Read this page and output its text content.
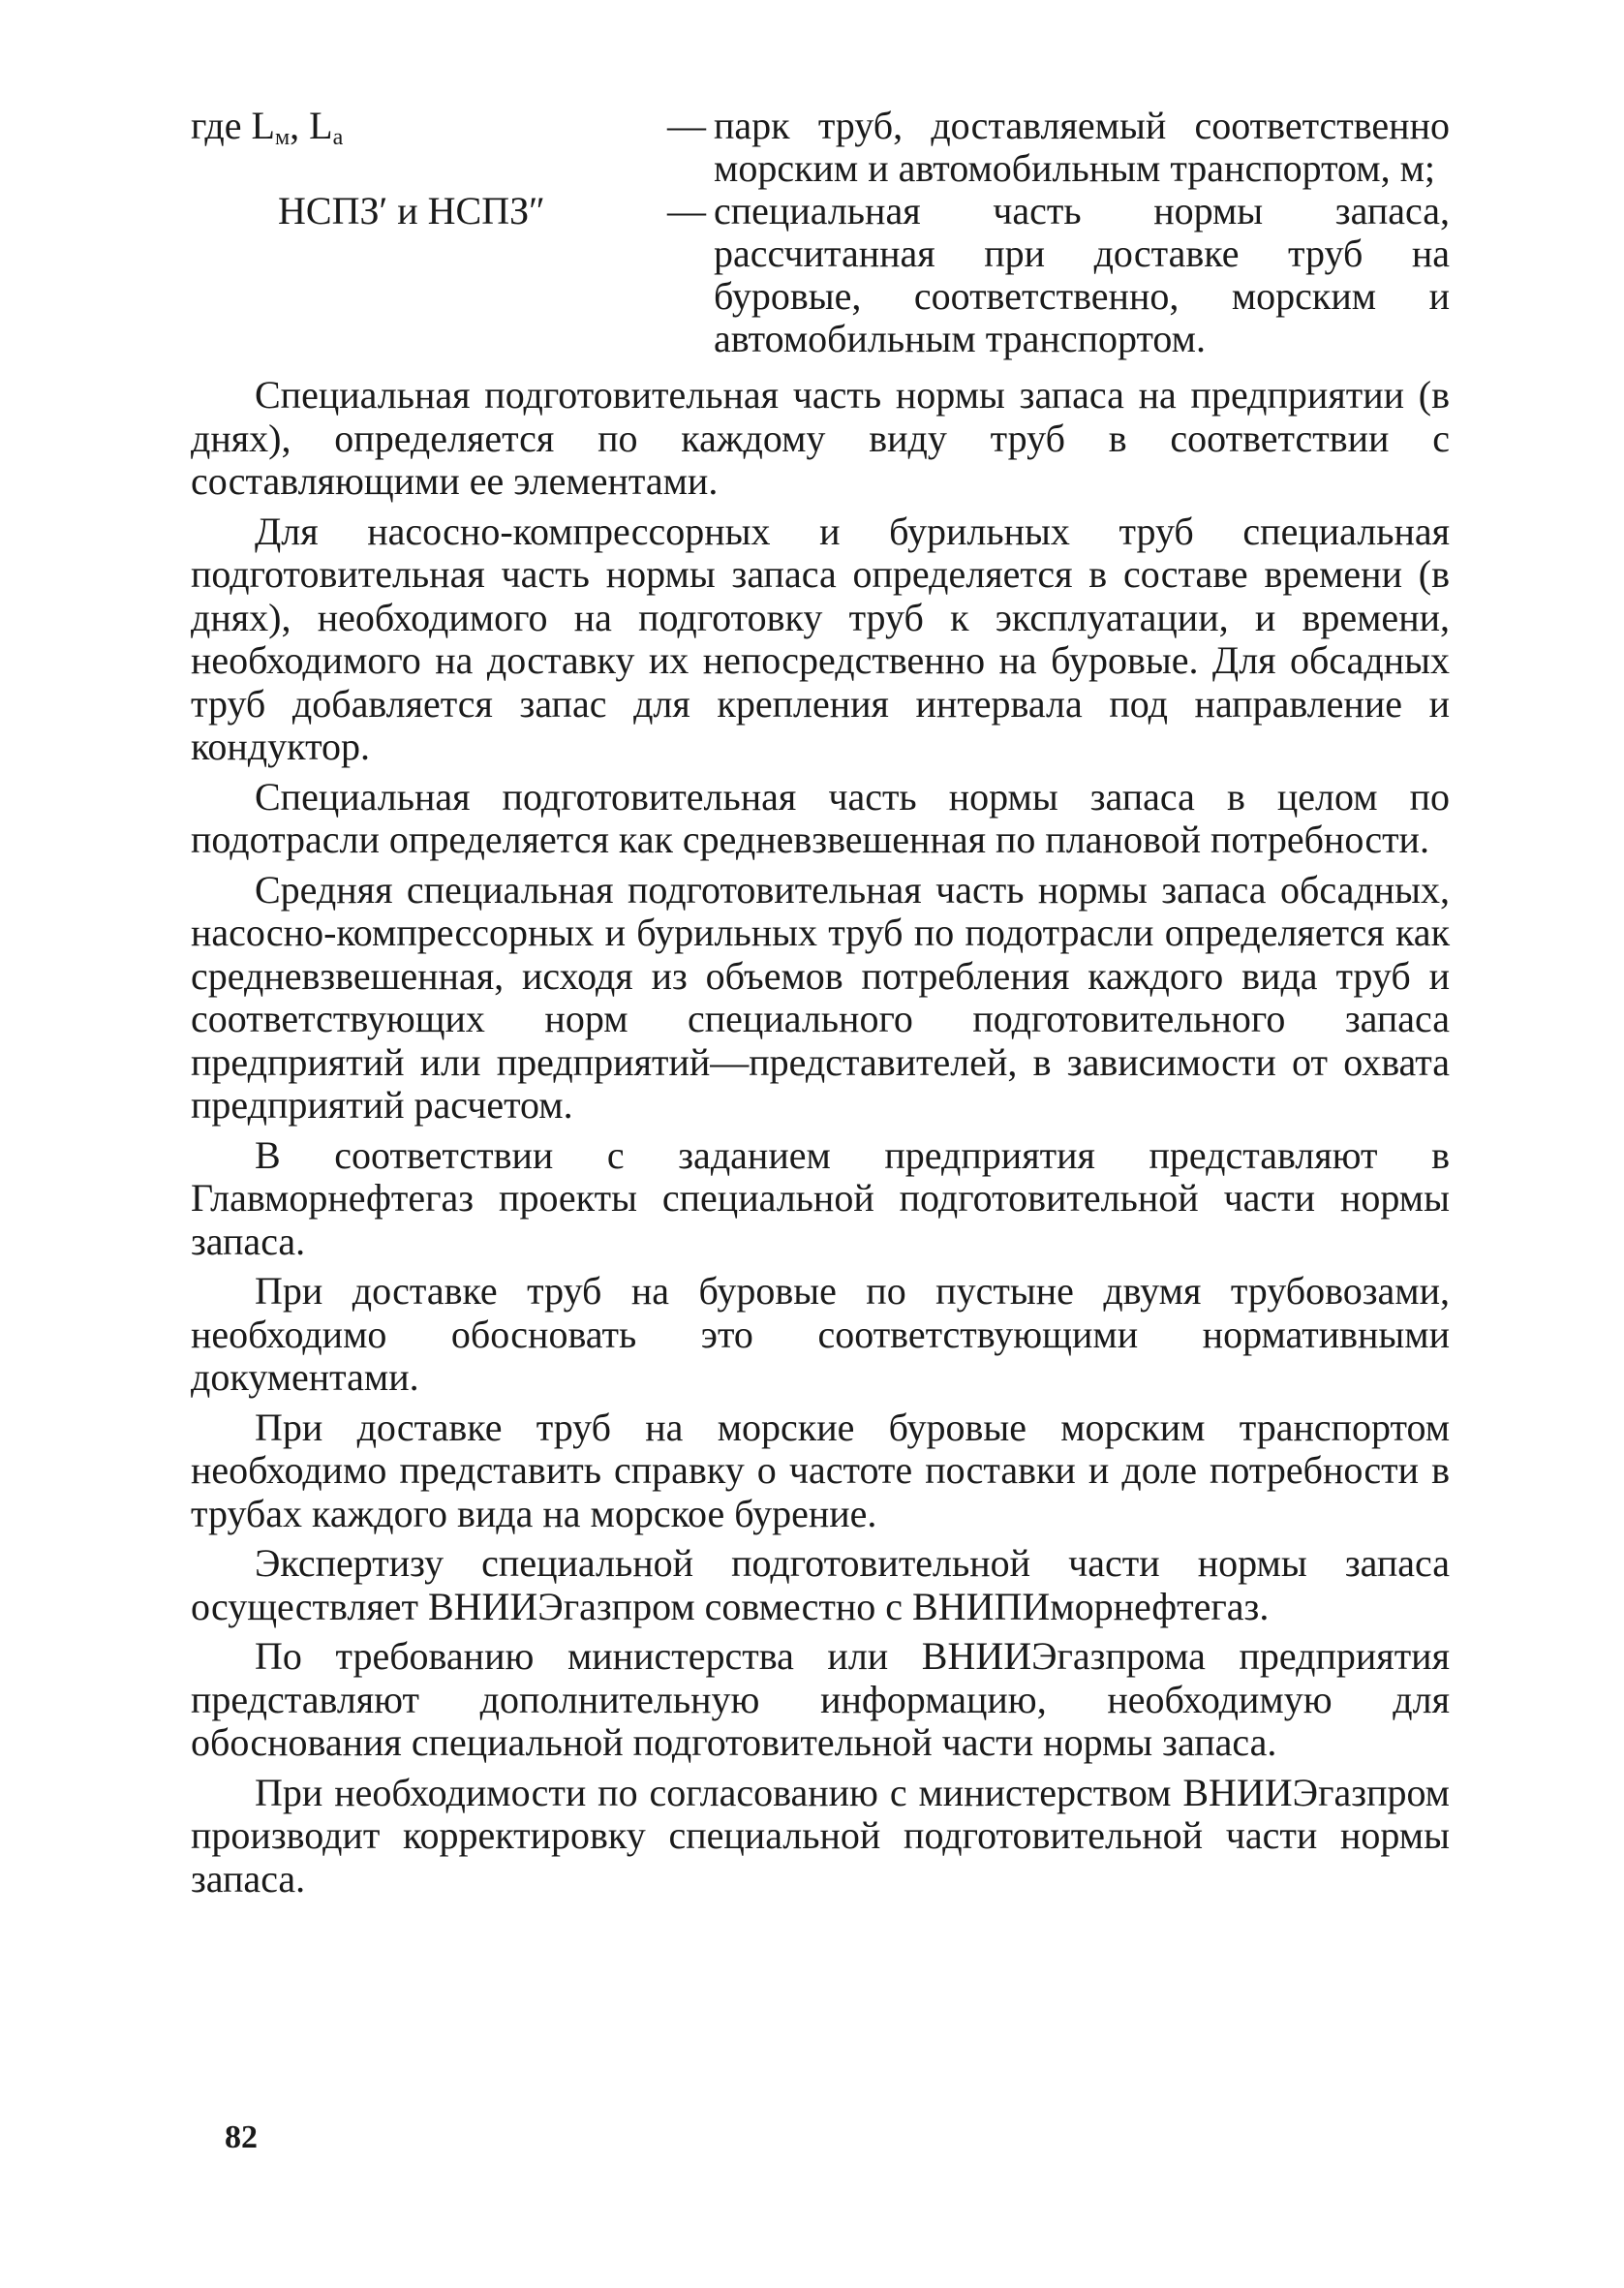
где $L_м$, $L_а$	— парк труб, доставляемый соответственно морским и автомобильным транспортом, м;
НСПЗ′ и НСПЗ″	— специальная часть нормы запаса, рассчитанная при доставке труб на буровые, соответственно, морским и автомобильным транспортом.

Специальная подготовительная часть нормы запаса на предприятии (в днях), определяется по каждому виду труб в соответствии с составляющими ее элементами.

Для насосно-компрессорных и бурильных труб специальная подготовительная часть нормы запаса определяется в составе времени (в днях), необходимого на подготовку труб к эксплуатации, и времени, необходимого на доставку их непосредственно на буровые. Для обсадных труб добавляется запас для крепления интервала под направление и кондуктор.

Специальная подготовительная часть нормы запаса в целом по подотрасли определяется как средневзвешенная по плановой потребности.

Средняя специальная подготовительная часть нормы запаса обсадных, насосно-компрессорных и бурильных труб по подотрасли определяется как средневзвешенная, исходя из объемов потребления каждого вида труб и соответствующих норм специального подготовительного запаса предприятий или предприятий—представителей, в зависимости от охвата предприятий расчетом.

В соответствии с заданием предприятия представляют в Главморнефтегаз проекты специальной подготовительной части нормы запаса.

При доставке труб на буровые по пустыне двумя трубовозами, необходимо обосновать это соответствующими нормативными документами.

При доставке труб на морские буровые морским транспортом необходимо представить справку о частоте поставки и доле потребности в трубах каждого вида на морское бурение.

Экспертизу специальной подготовительной части нормы запаса осуществляет ВНИИЭгазпром совместно с ВНИПИморнефтегаз.

По требованию министерства или ВНИИЭгазпрома предприятия представляют дополнительную информацию, необходимую для обоснования специальной подготовительной части нормы запаса.

При необходимости по согласованию с министерством ВНИИЭгазпром производит корректировку специальной подготовительной части нормы запаса.

82
